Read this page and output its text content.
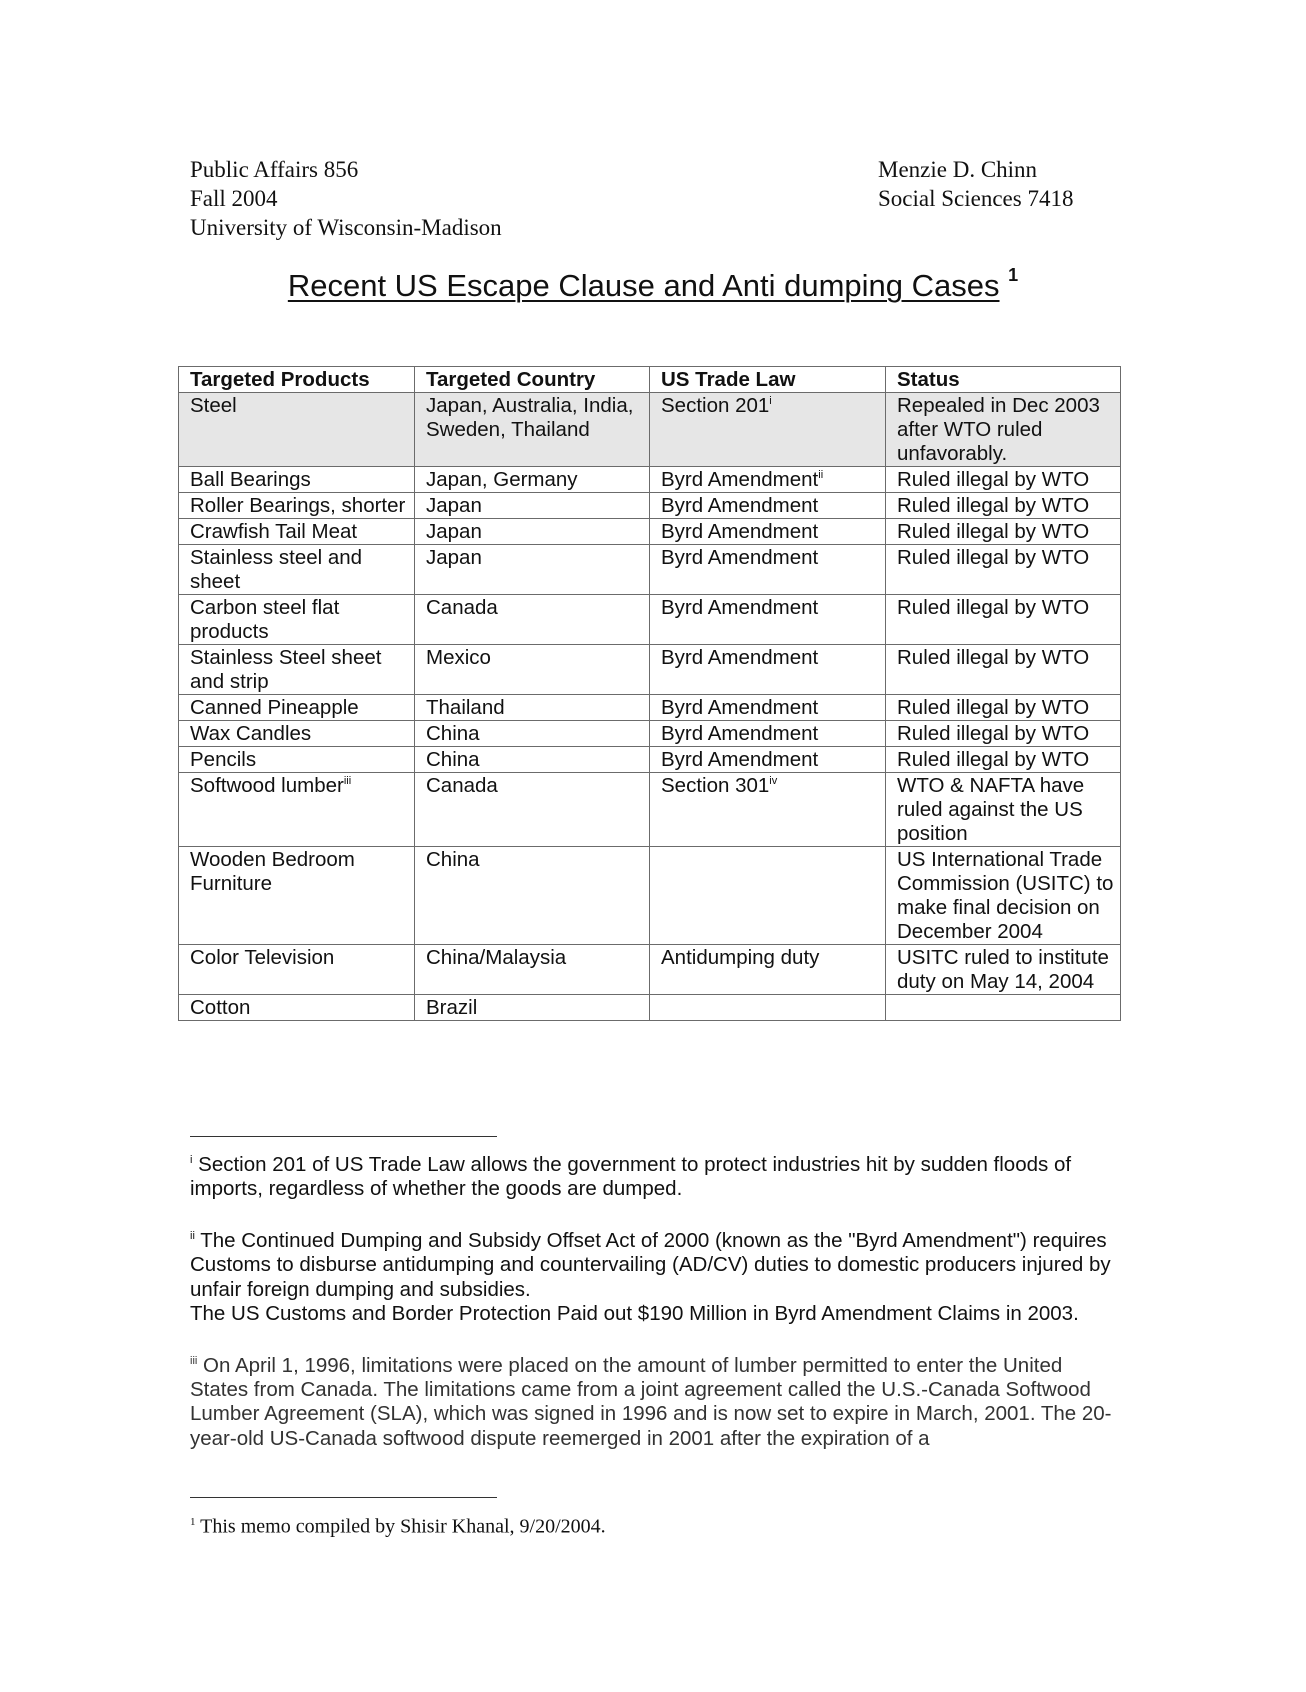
Public Affairs 856
Fall 2004
University of Wisconsin-Madison
Menzie D. Chinn
Social Sciences 7418
Recent US Escape Clause and Anti dumping Cases $^1$
Targeted Products	Targeted Country	US Trade Law	Status
Steel	Japan, Australia, India, Sweden, Thailand	Section 201$^i$	Repealed in Dec 2003 after WTO ruled unfavorably.
Ball Bearings	Japan, Germany	Byrd Amendment$^{ii}$	Ruled illegal by WTO
Roller Bearings, shorter	Japan	Byrd Amendment	Ruled illegal by WTO
Crawfish Tail Meat	Japan	Byrd Amendment	Ruled illegal by WTO
Stainless steel and sheet	Japan	Byrd Amendment	Ruled illegal by WTO
Carbon steel flat products	Canada	Byrd Amendment	Ruled illegal by WTO
Stainless Steel sheet and strip	Mexico	Byrd Amendment	Ruled illegal by WTO
Canned Pineapple	Thailand	Byrd Amendment	Ruled illegal by WTO
Wax Candles	China	Byrd Amendment	Ruled illegal by WTO
Pencils	China	Byrd Amendment	Ruled illegal by WTO
Softwood lumber$^{iii}$	Canada	Section 301$^{iv}$	WTO & NAFTA have ruled against the US position
Wooden Bedroom Furniture	China		US International Trade Commission (USITC) to make final decision on December 2004
Color Television	China/Malaysia	Antidumping duty	USITC ruled to institute duty on May 14, 2004
Cotton	Brazil		

$^i$ Section 201 of US Trade Law allows the government to protect industries hit by sudden floods of imports, regardless of whether the goods are dumped.

$^{ii}$ The Continued Dumping and Subsidy Offset Act of 2000 (known as the "Byrd Amendment") requires Customs to disburse antidumping and countervailing (AD/CV) duties to domestic producers injured by unfair foreign dumping and subsidies.

The US Customs and Border Protection Paid out $190 Million in Byrd Amendment Claims in 2003.

$^{iii}$ On April 1, 1996, limitations were placed on the amount of lumber permitted to enter the United States from Canada. The limitations came from a joint agreement called the U.S.-Canada Softwood Lumber Agreement (SLA), which was signed in 1996 and is now set to expire in March, 2001. The 20-year-old US-Canada softwood dispute reemerged in 2001 after the expiration of a

$^1$ This memo compiled by Shisir Khanal, 9/20/2004.
